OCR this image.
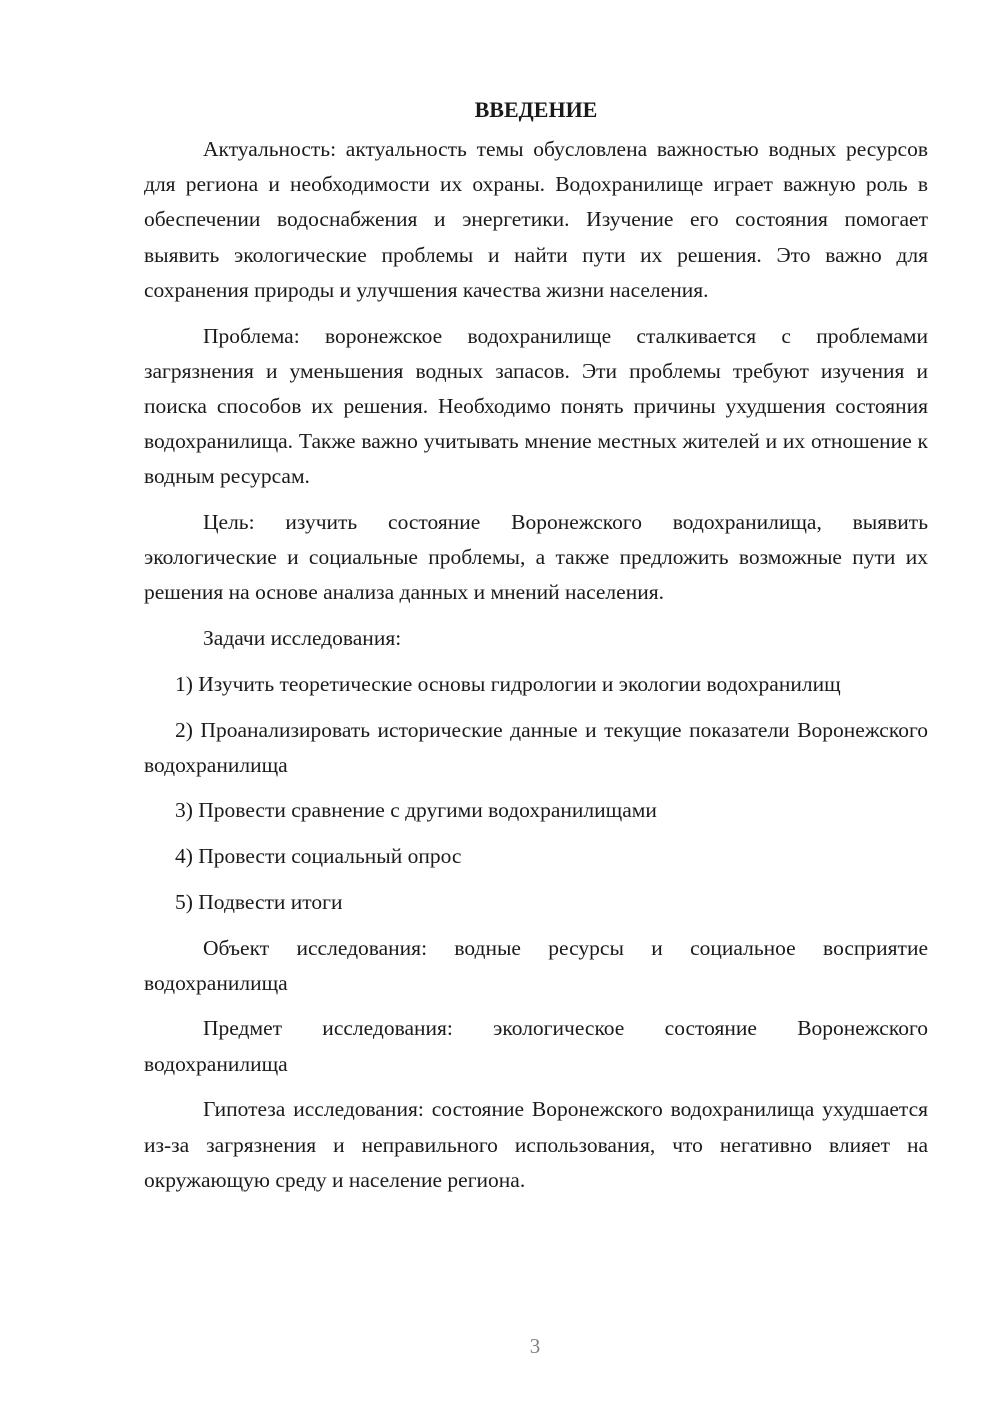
ВВЕДЕНИЕ

Актуальность: актуальность темы обусловлена важностью водных ресурсов для региона и необходимости их охраны. Водохранилище играет важную роль в обеспечении водоснабжения и энергетики. Изучение его состояния помогает выявить экологические проблемы и найти пути их решения. Это важно для сохранения природы и улучшения качества жизни населения.

Проблема: воронежское водохранилище сталкивается с проблемами загрязнения и уменьшения водных запасов. Эти проблемы требуют изучения и поиска способов их решения. Необходимо понять причины ухудшения состояния водохранилища. Также важно учитывать мнение местных жителей и их отношение к водным ресурсам.

Цель: изучить состояние Воронежского водохранилища, выявить экологические и социальные проблемы, а также предложить возможные пути их решения на основе анализа данных и мнений населения.

Задачи исследования:

1) Изучить теоретические основы гидрологии и экологии водохранилищ

2) Проанализировать исторические данные и текущие показатели Воронежского водохранилища

3) Провести сравнение с другими водохранилищами

4) Провести социальный опрос

5) Подвести итоги

Объект исследования: водные ресурсы и социальное восприятие водохранилища

Предмет исследования: экологическое состояние Воронежского водохранилища

Гипотеза исследования: состояние Воронежского водохранилища ухудшается из-за загрязнения и неправильного использования, что негативно влияет на окружающую среду и население региона.

3
